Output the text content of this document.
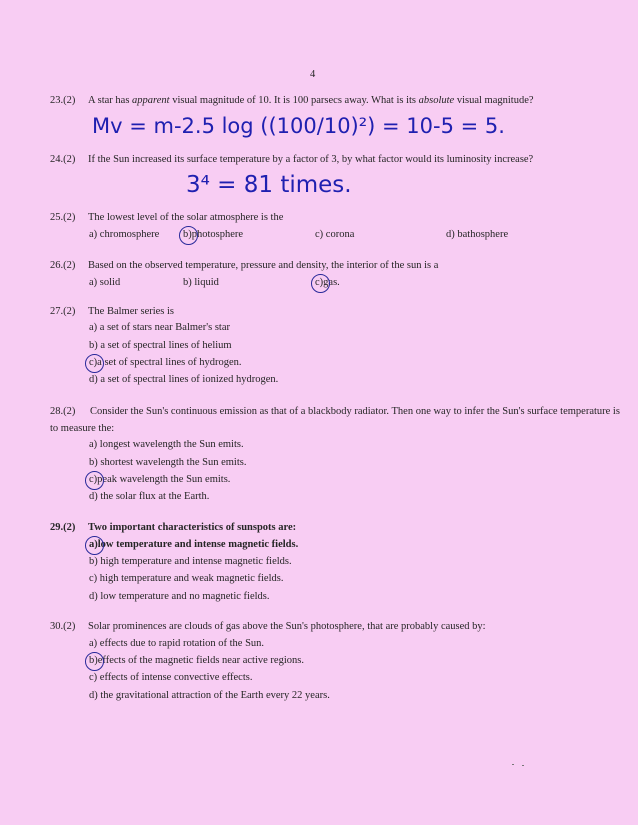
4
23.(2) A star has apparent visual magnitude of 10. It is 100 parsecs away. What is its absolute visual magnitude?
Mv = m-2.5 log ((100/10)²) = 10-5 = 5.
24.(2) If the Sun increased its surface temperature by a factor of 3, by what factor would its luminosity increase?
3⁴ = 81 times.
25.(2) The lowest level of the solar atmosphere is the
a) chromosphere b)photosphere	c) corona	d) bathosphere
26.(2) Based on the observed temperature, pressure and density, the interior of the sun is a
a) solid	b) liquid	c)gas.
27.(2) The Balmer series is
a) a set of stars near Balmer's star
b) a set of spectral lines of helium
c)a set of spectral lines of hydrogen.
d) a set of spectral lines of ionized hydrogen.
28.(2) Consider the Sun's continuous emission as that of a blackbody radiator. Then one way to infer the Sun's surface temperature is to measure the:
a) longest wavelength the Sun emits.
b) shortest wavelength the Sun emits.
c)peak wavelength the Sun emits.
d) the solar flux at the Earth.
29.(2) Two important characteristics of sunspots are:
a)low temperature and intense magnetic fields.
b) high temperature and intense magnetic fields.
c) high temperature and weak magnetic fields.
d) low temperature and no magnetic fields.
30.(2) Solar prominences are clouds of gas above the Sun's photosphere, that are probably caused by:
a) effects due to rapid rotation of the Sun.
b)effects of the magnetic fields near active regions.
c) effects of intense convective effects.
d) the gravitational attraction of the Earth every 22 years.
